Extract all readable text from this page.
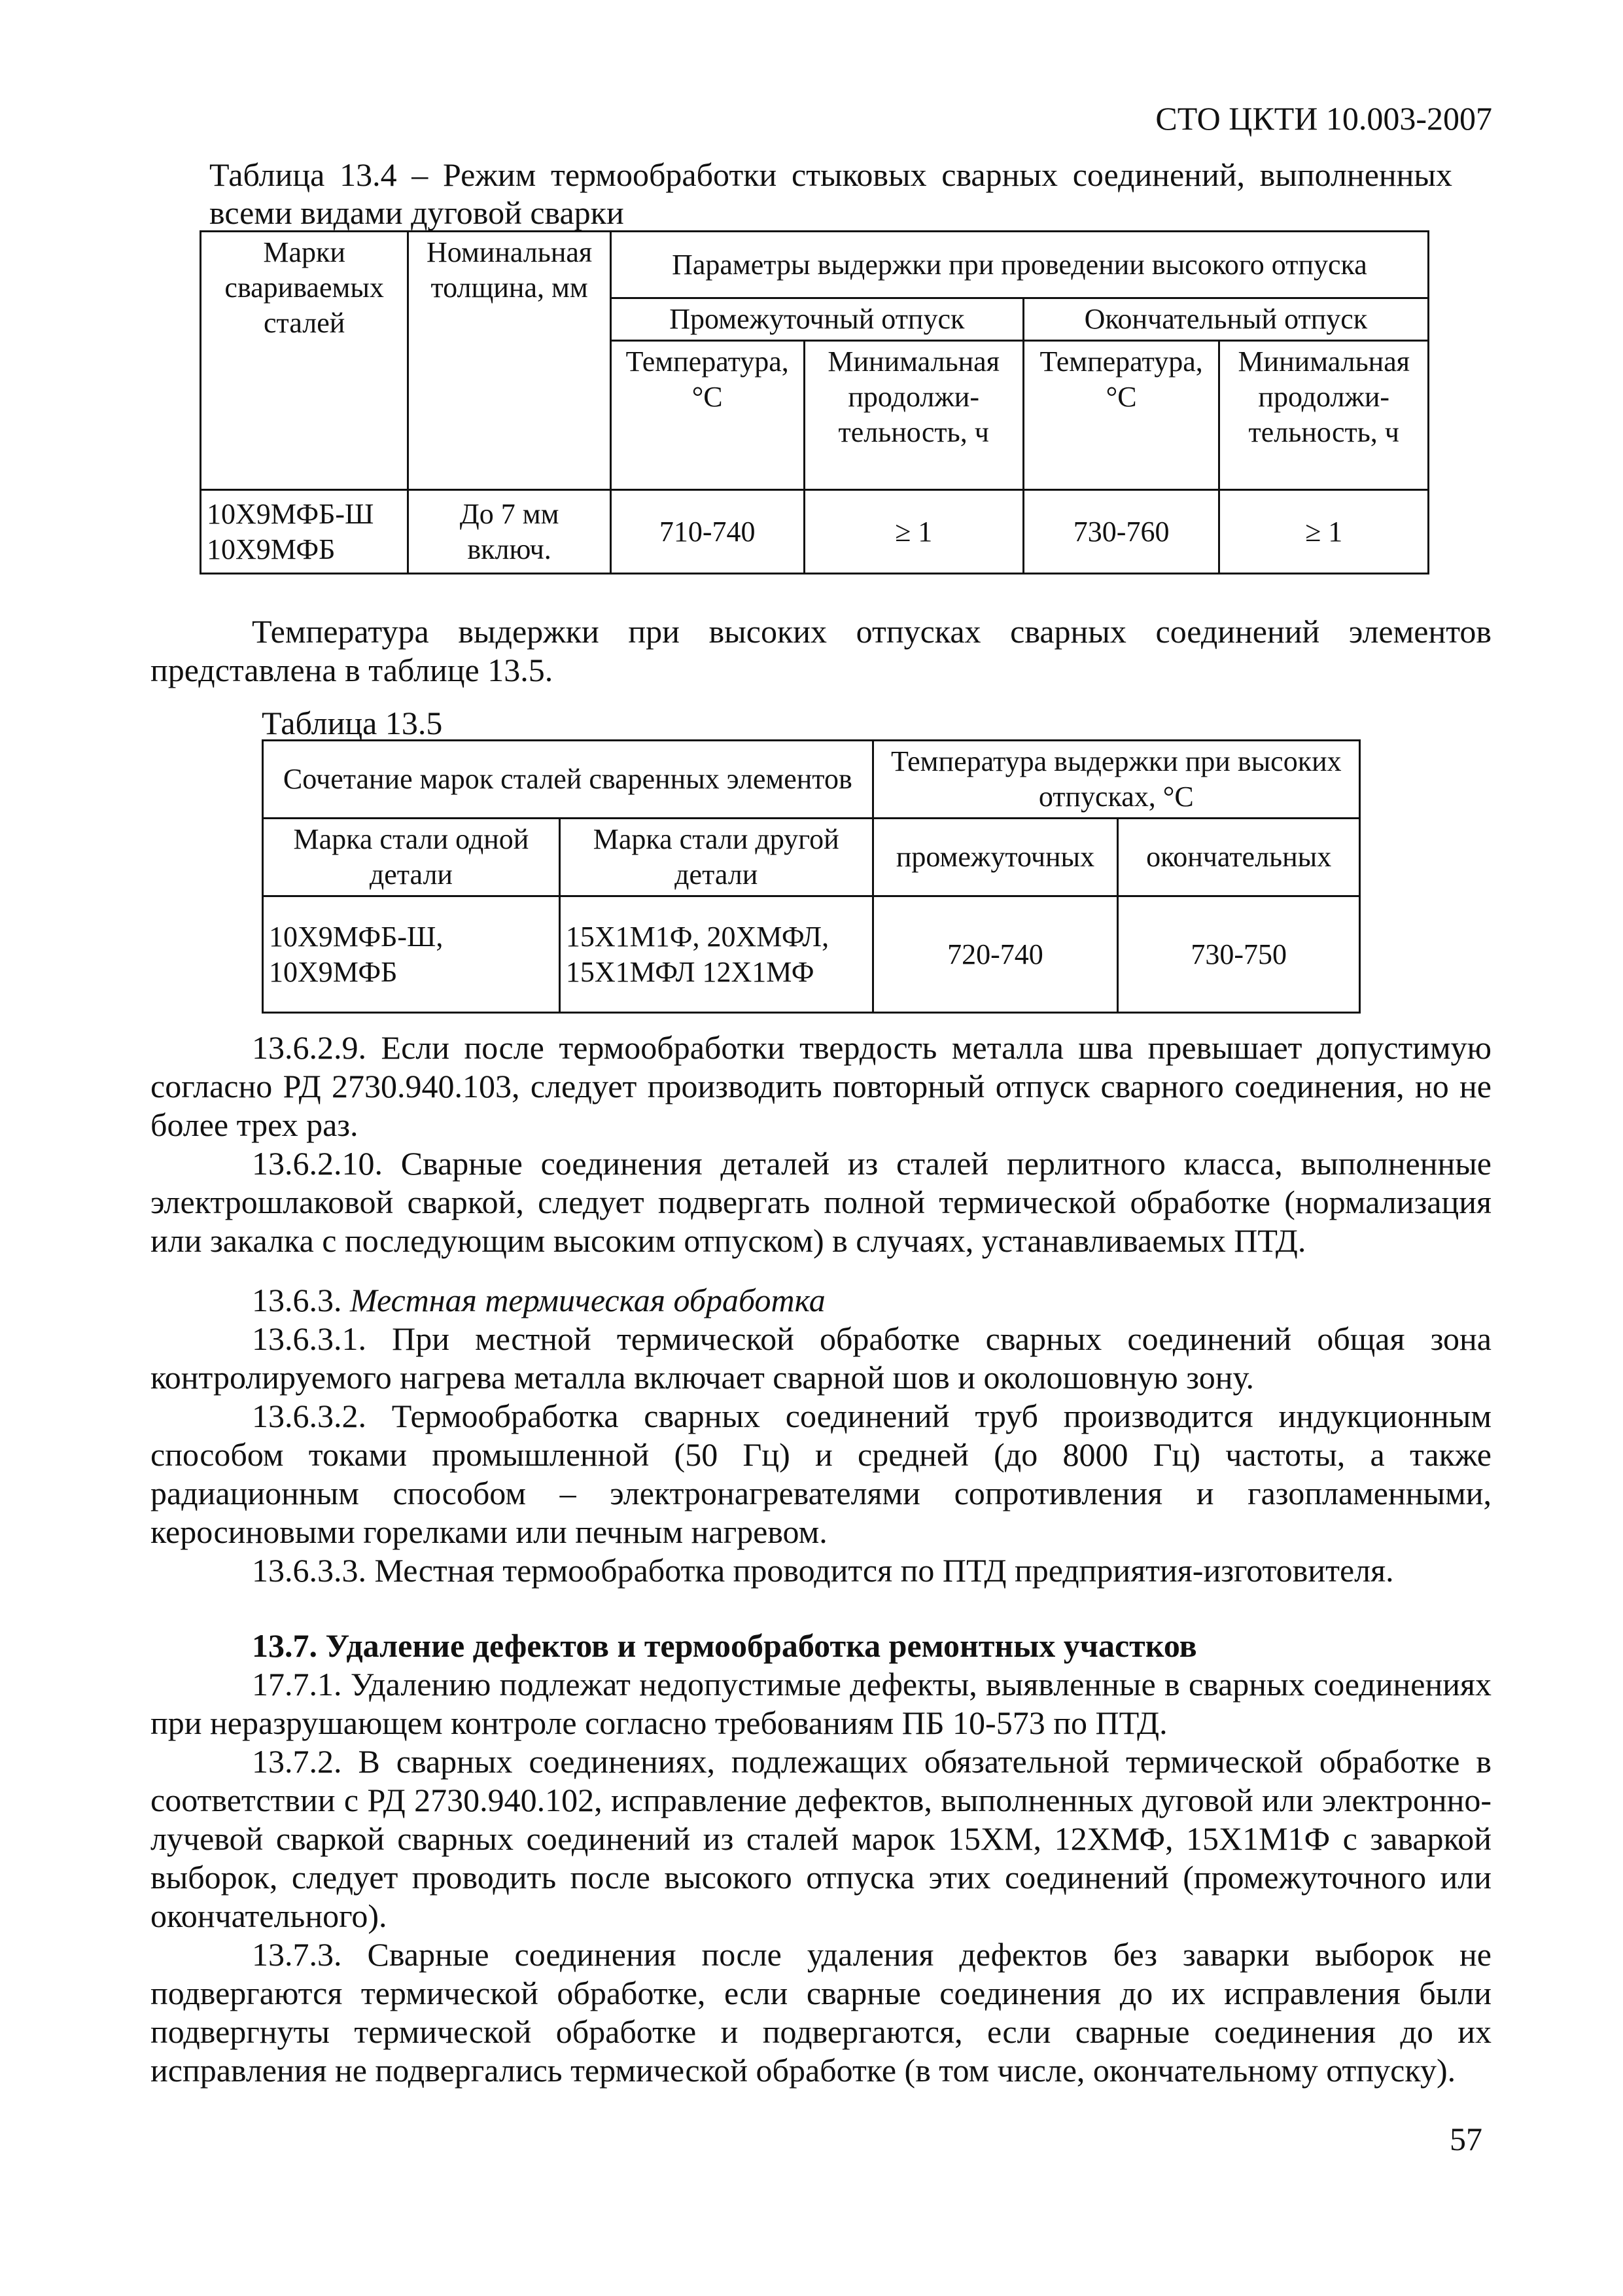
СТО ЦКТИ 10.003-2007
Таблица 13.4 – Режим термообработки стыковых сварных соединений, выполненных всеми видами дуговой сварки
Марки свариваемых сталей	Номинальная толщина, мм	Параметры выдержки при проведении высокого отпуска			
		Промежуточный отпуск		Окончательный отпуск	
		Температура, °С	Минимальная продолжи-тельность, ч	Температура, °С	Минимальная продолжи-тельность, ч
10Х9МФБ-Ш 10Х9МФБ	До 7 мм включ.	710-740	≥ 1	730-760	≥ 1
Температура выдержки при высоких отпусках сварных соединений элементов представлена в таблице 13.5.
Таблица 13.5
Сочетание марок сталей сваренных элементов		Температура выдержки при высоких отпусках, °С	
Марка стали одной детали	Марка стали другой детали	промежуточных	окончательных
10Х9МФБ-Ш, 10Х9МФБ	15Х1М1Ф, 20ХМФЛ, 15Х1МФЛ 12Х1МФ	720-740	730-750
13.6.2.9. Если после термообработки твердость металла шва превышает допустимую согласно РД 2730.940.103, следует производить повторный отпуск сварного соединения, но не более трех раз.
13.6.2.10. Сварные соединения деталей из сталей перлитного класса, выполненные электрошлаковой сваркой, следует подвергать полной термической обработке (нормализация или закалка с последующим высоким отпуском) в случаях, устанавливаемых ПТД.
13.6.3. Местная термическая обработка
13.6.3.1. При местной термической обработке сварных соединений общая зона контролируемого нагрева металла включает сварной шов и околошовную зону.
13.6.3.2. Термообработка сварных соединений труб производится индукционным способом токами промышленной (50 Гц) и средней (до 8000 Гц) частоты, а также радиационным способом – электронагревателями сопротивления и газопламенными, керосиновыми горелками или печным нагревом.
13.6.3.3. Местная термообработка проводится по ПТД предприятия-изготовителя.
13.7. Удаление дефектов и термообработка ремонтных участков
17.7.1. Удалению подлежат недопустимые дефекты, выявленные в сварных соединениях при неразрушающем контроле согласно требованиям ПБ 10-573 по ПТД.
13.7.2. В сварных соединениях, подлежащих обязательной термической обработке в соответствии с РД 2730.940.102, исправление дефектов, выполненных дуговой или электронно-лучевой сваркой сварных соединений из сталей марок 15ХМ, 12ХМФ, 15Х1М1Ф с заваркой выборок, следует проводить после высокого отпуска этих соединений (промежуточного или окончательного).
13.7.3. Сварные соединения после удаления дефектов без заварки выборок не подвергаются термической обработке, если сварные соединения до их исправления были подвергнуты термической обработке и подвергаются, если сварные соединения до их исправления не подвергались термической обработке (в том числе, окончательному отпуску).
57
